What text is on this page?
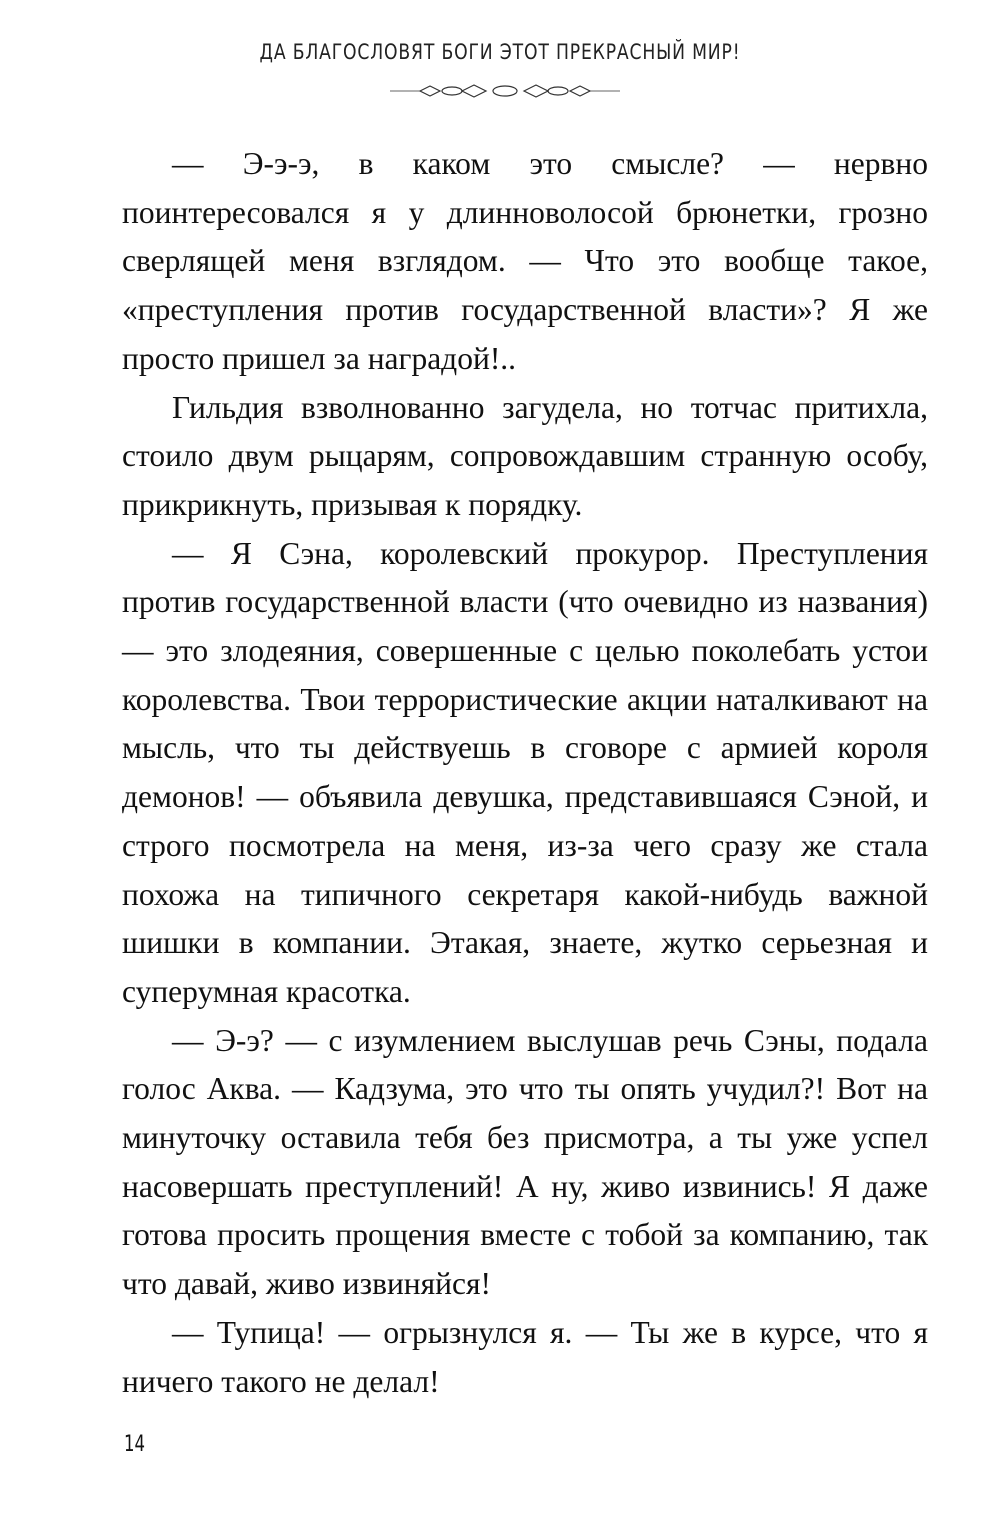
ДА БЛАГОСЛОВЯТ БОГИ ЭТОТ ПРЕКРАСНЫЙ МИР!

— Э-э-э, в каком это смысле? — нервно поинтересовался я у длинноволосой брюнетки, грозно сверлящей меня взглядом. — Что это вообще такое, «преступления против государственной власти»? Я же просто пришел за наградой!..

Гильдия взволнованно загудела, но тотчас притихла, стоило двум рыцарям, сопровождавшим странную особу, прикрикнуть, призывая к порядку.

— Я Сэна, королевский прокурор. Преступления против государственной власти (что очевидно из названия) — это злодеяния, совершенные с целью поколебать устои королевства. Твои террористические акции наталкивают на мысль, что ты действуешь в сговоре с армией короля демонов! — объявила девушка, представившаяся Сэной, и строго посмотрела на меня, из-за чего сразу же стала похожа на типичного секретаря какой-нибудь важной шишки в компании. Этакая, знаете, жутко серьезная и суперумная красотка.

— Э-э? — с изумлением выслушав речь Сэны, подала голос Аква. — Кадзума, это что ты опять учудил?! Вот на минуточку оставила тебя без присмотра, а ты уже успел насовершать преступлений! А ну, живо извинись! Я даже готова просить прощения вместе с тобой за компанию, так что давай, живо извиняйся!

— Тупица! — огрызнулся я. — Ты же в курсе, что я ничего такого не делал!

14
